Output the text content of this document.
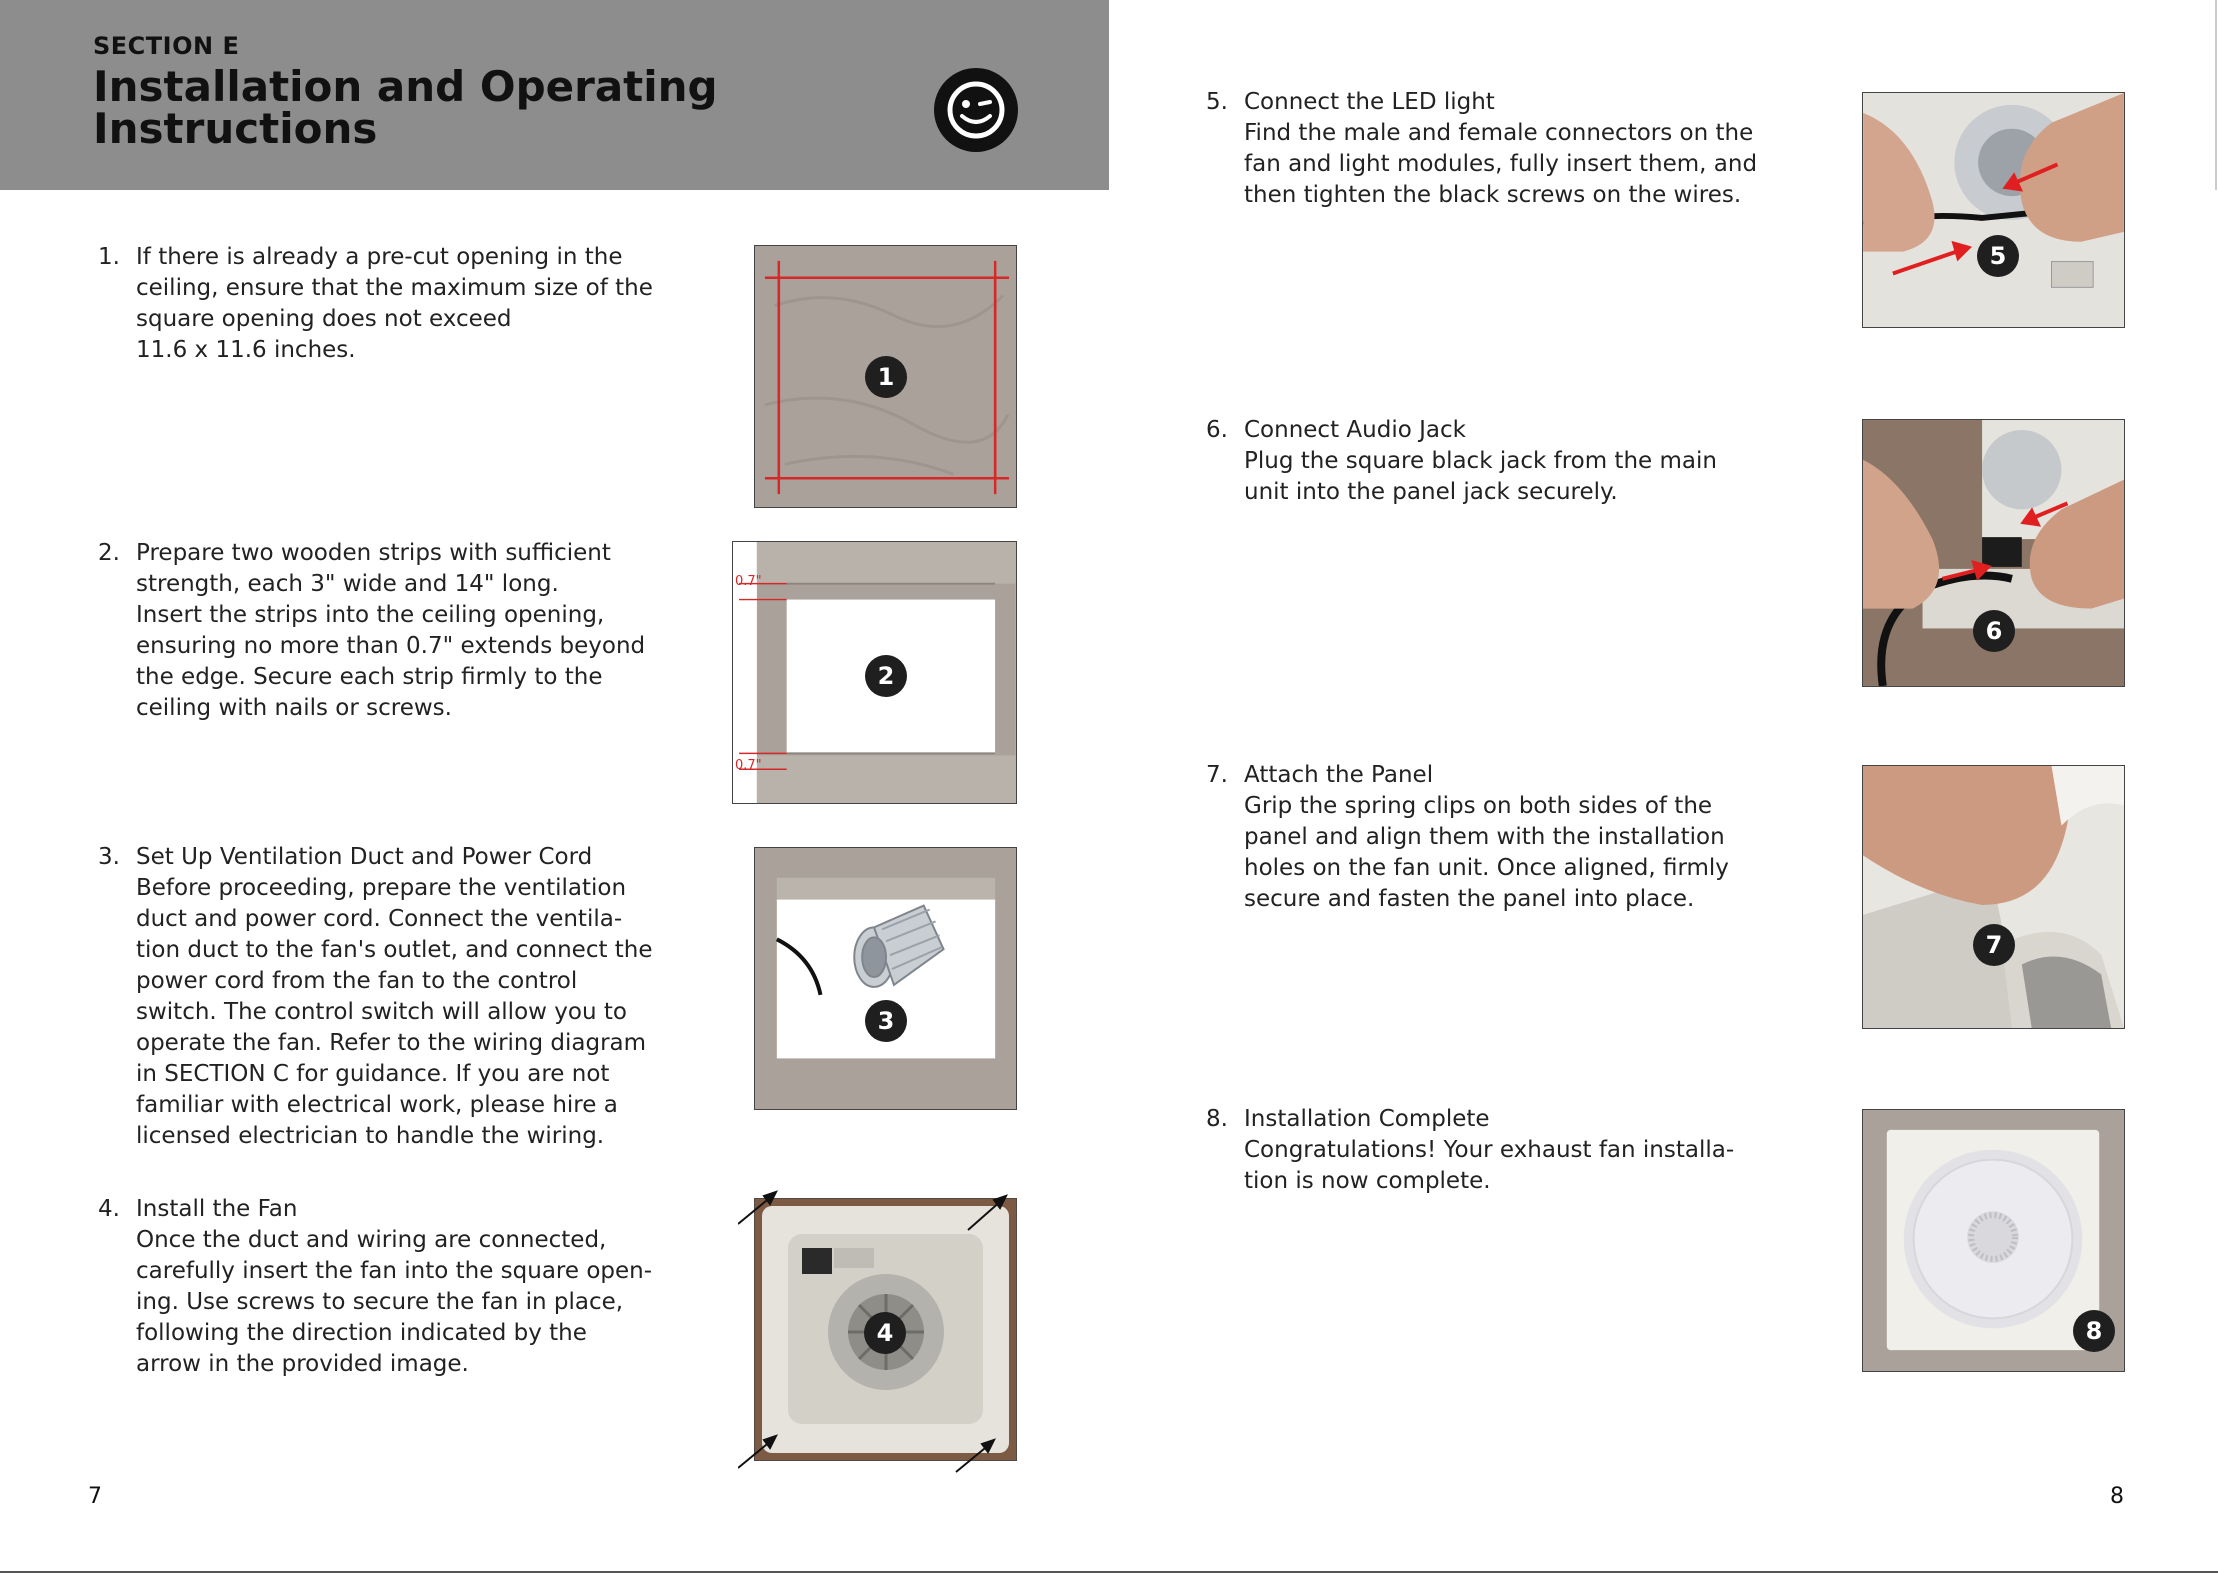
SECTION E
Installation and Operating
Instructions
1. If there is already a pre-cut opening in the
ceiling, ensure that the maximum size of the
square opening does not exceed
11.6 x 11.6 inches.
1
2. Prepare two wooden strips with sufficient
strength, each 3" wide and 14" long.
Insert the strips into the ceiling opening,
ensuring no more than 0.7" extends beyond
the edge. Secure each strip firmly to the
ceiling with nails or screws.
0.7"
0.7"
2
3. Set Up Ventilation Duct and Power Cord
Before proceeding, prepare the ventilation
duct and power cord. Connect the ventila-
tion duct to the fan's outlet, and connect the
power cord from the fan to the control
switch. The control switch will allow you to
operate the fan. Refer to the wiring diagram
in SECTION C for guidance. If you are not
familiar with electrical work, please hire a
licensed electrician to handle the wiring.
3
4. Install the Fan
Once the duct and wiring are connected,
carefully insert the fan into the square open-
ing. Use screws to secure the fan in place,
following the direction indicated by the
arrow in the provided image.
4
5. Connect the LED light
Find the male and female connectors on the
fan and light modules, fully insert them, and
then tighten the black screws on the wires.
5
6. Connect Audio Jack
Plug the square black jack from the main
unit into the panel jack securely.
6
7. Attach the Panel
Grip the spring clips on both sides of the
panel and align them with the installation
holes on the fan unit. Once aligned, firmly
secure and fasten the panel into place.
7
8. Installation Complete
Congratulations! Your exhaust fan installa-
tion is now complete.
8
7	8
